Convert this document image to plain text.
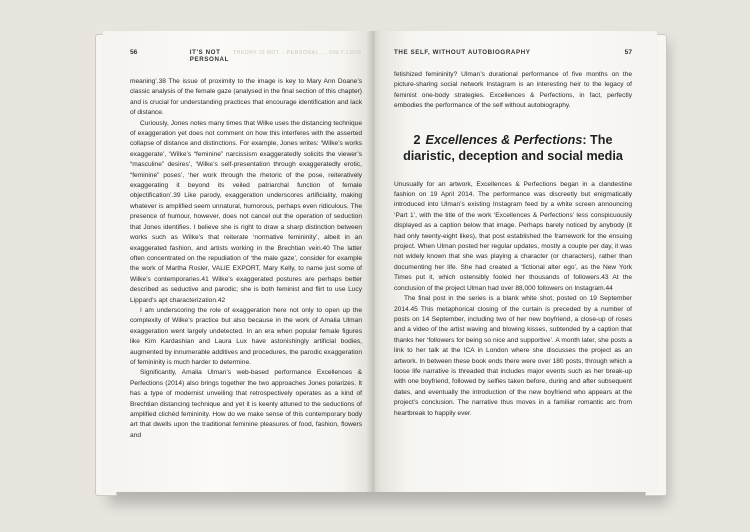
56	IT'S NOT PERSONAL
THEORY IS NOT... PERSONAL ... ONLY LOVE

meaning’.38 The issue of proximity to the image is key to Mary Ann Doane’s classic analysis of the female gaze (analysed in the final section of this chapter) and is crucial for understanding practices that encourage identification and lack of distance.

Curiously, Jones notes many times that Wilke uses the distancing technique of exaggeration yet does not comment on how this interferes with the asserted collapse of distance and distinctions. For example, Jones writes: ‘Wilke’s works exaggerate’, ‘Wilke’s “feminine” narcissism exaggeratedly solicits the viewer’s “masculine” desires’, ‘Wilke’s self-presentation through exaggeratedly erotic, “feminine” poses’, ‘her work through the rhetoric of the pose, reiteratively exaggerating it beyond its veiled patriarchal function of female objectification’.39 Like parody, exaggeration underscores artificiality, making whatever is amplified seem unnatural, humorous, perhaps even ridiculous. The presence of humour, however, does not cancel out the operation of seduction that Jones identifies. I believe she is right to draw a sharp distinction between works such as Wilke’s that reiterate ‘normative femininity’, albeit in an exaggerated fashion, and artists working in the Brechtian vein.40 The latter often concentrated on the repudiation of ‘the male gaze’, consider for example the work of Martha Rosler, VALIE EXPORT, Mary Kelly, to name just some of Wilke’s contemporaries.41 Wilke’s exaggerated postures are perhaps better described as seductive and parodic; she is both feminist and flirt to use Lucy Lippard’s apt characterization.42

I am underscoring the role of exaggeration here not only to open up the complexity of Wilke’s practice but also because in the work of Amalia Ulman exaggeration went largely undetected. In an era when popular female figures like Kim Kardashian and Laura Lux have astonishingly artificial bodies, augmented by innumerable additives and procedures, the parodic exaggeration of femininity is much harder to determine.

Significantly, Amalia Ulman’s web-based performance Excellences & Perfections (2014) also brings together the two approaches Jones polarizes. It has a type of modernist unveiling that retrospectively operates as a kind of Brechtian distancing technique and yet it is keenly attuned to the seductions of amplified clichéd femininity. How do we make sense of this contemporary body art that dwells upon the traditional feminine pleasures of food, fashion, flowers and

THE SELF, WITHOUT AUTOBIOGRAPHY	57

fetishized femininity? Ulman’s durational performance of five months on the picture-sharing social network Instagram is an interesting heir to the legacy of feminist one-body strategies. Excellences & Perfections, in fact, perfectly embodies the performance of the self without autobiography.

2 Excellences & Perfections: The diaristic, deception and social media

Unusually for an artwork, Excellences & Perfections began in a clandestine fashion on 19 April 2014. The performance was discreetly but enigmatically introduced into Ulman’s existing Instagram feed by a white screen announcing ‘Part 1’, with the title of the work ‘Excellences & Perfections’ less conspicuously displayed as a caption below that image. Perhaps barely noticed by anybody (it had only twenty-eight likes), that post established the framework for the ensuing project. When Ulman posted her regular updates, mostly a couple per day, it was not widely known that she was playing a character (or characters), rather than documenting her life. She had created a ‘fictional alter ego’, as the New York Times put it, which ostensibly fooled her thousands of followers.43 At the conclusion of the project Ulman had over 88,000 followers on Instagram.44

The final post in the series is a blank white shot, posted on 19 September 2014.45 This metaphorical closing of the curtain is preceded by a number of posts on 14 September, including two of her new boyfriend, a close-up of roses and a video of the artist waving and blowing kisses, subtended by a caption that thanks her ‘followers for being so nice and supportive’. A month later, she posts a link to her talk at the ICA in London where she discusses the project as an artwork. In between these book ends there were over 180 posts, through which a loose life narrative is threaded that includes major events such as her break-up with one boyfriend, followed by selfies taken before, during and after subsequent dates, and eventually the introduction of the new boyfriend who appears at the project’s conclusion. The narrative thus moves in a familiar romantic arc from heartbreak to happily ever.
